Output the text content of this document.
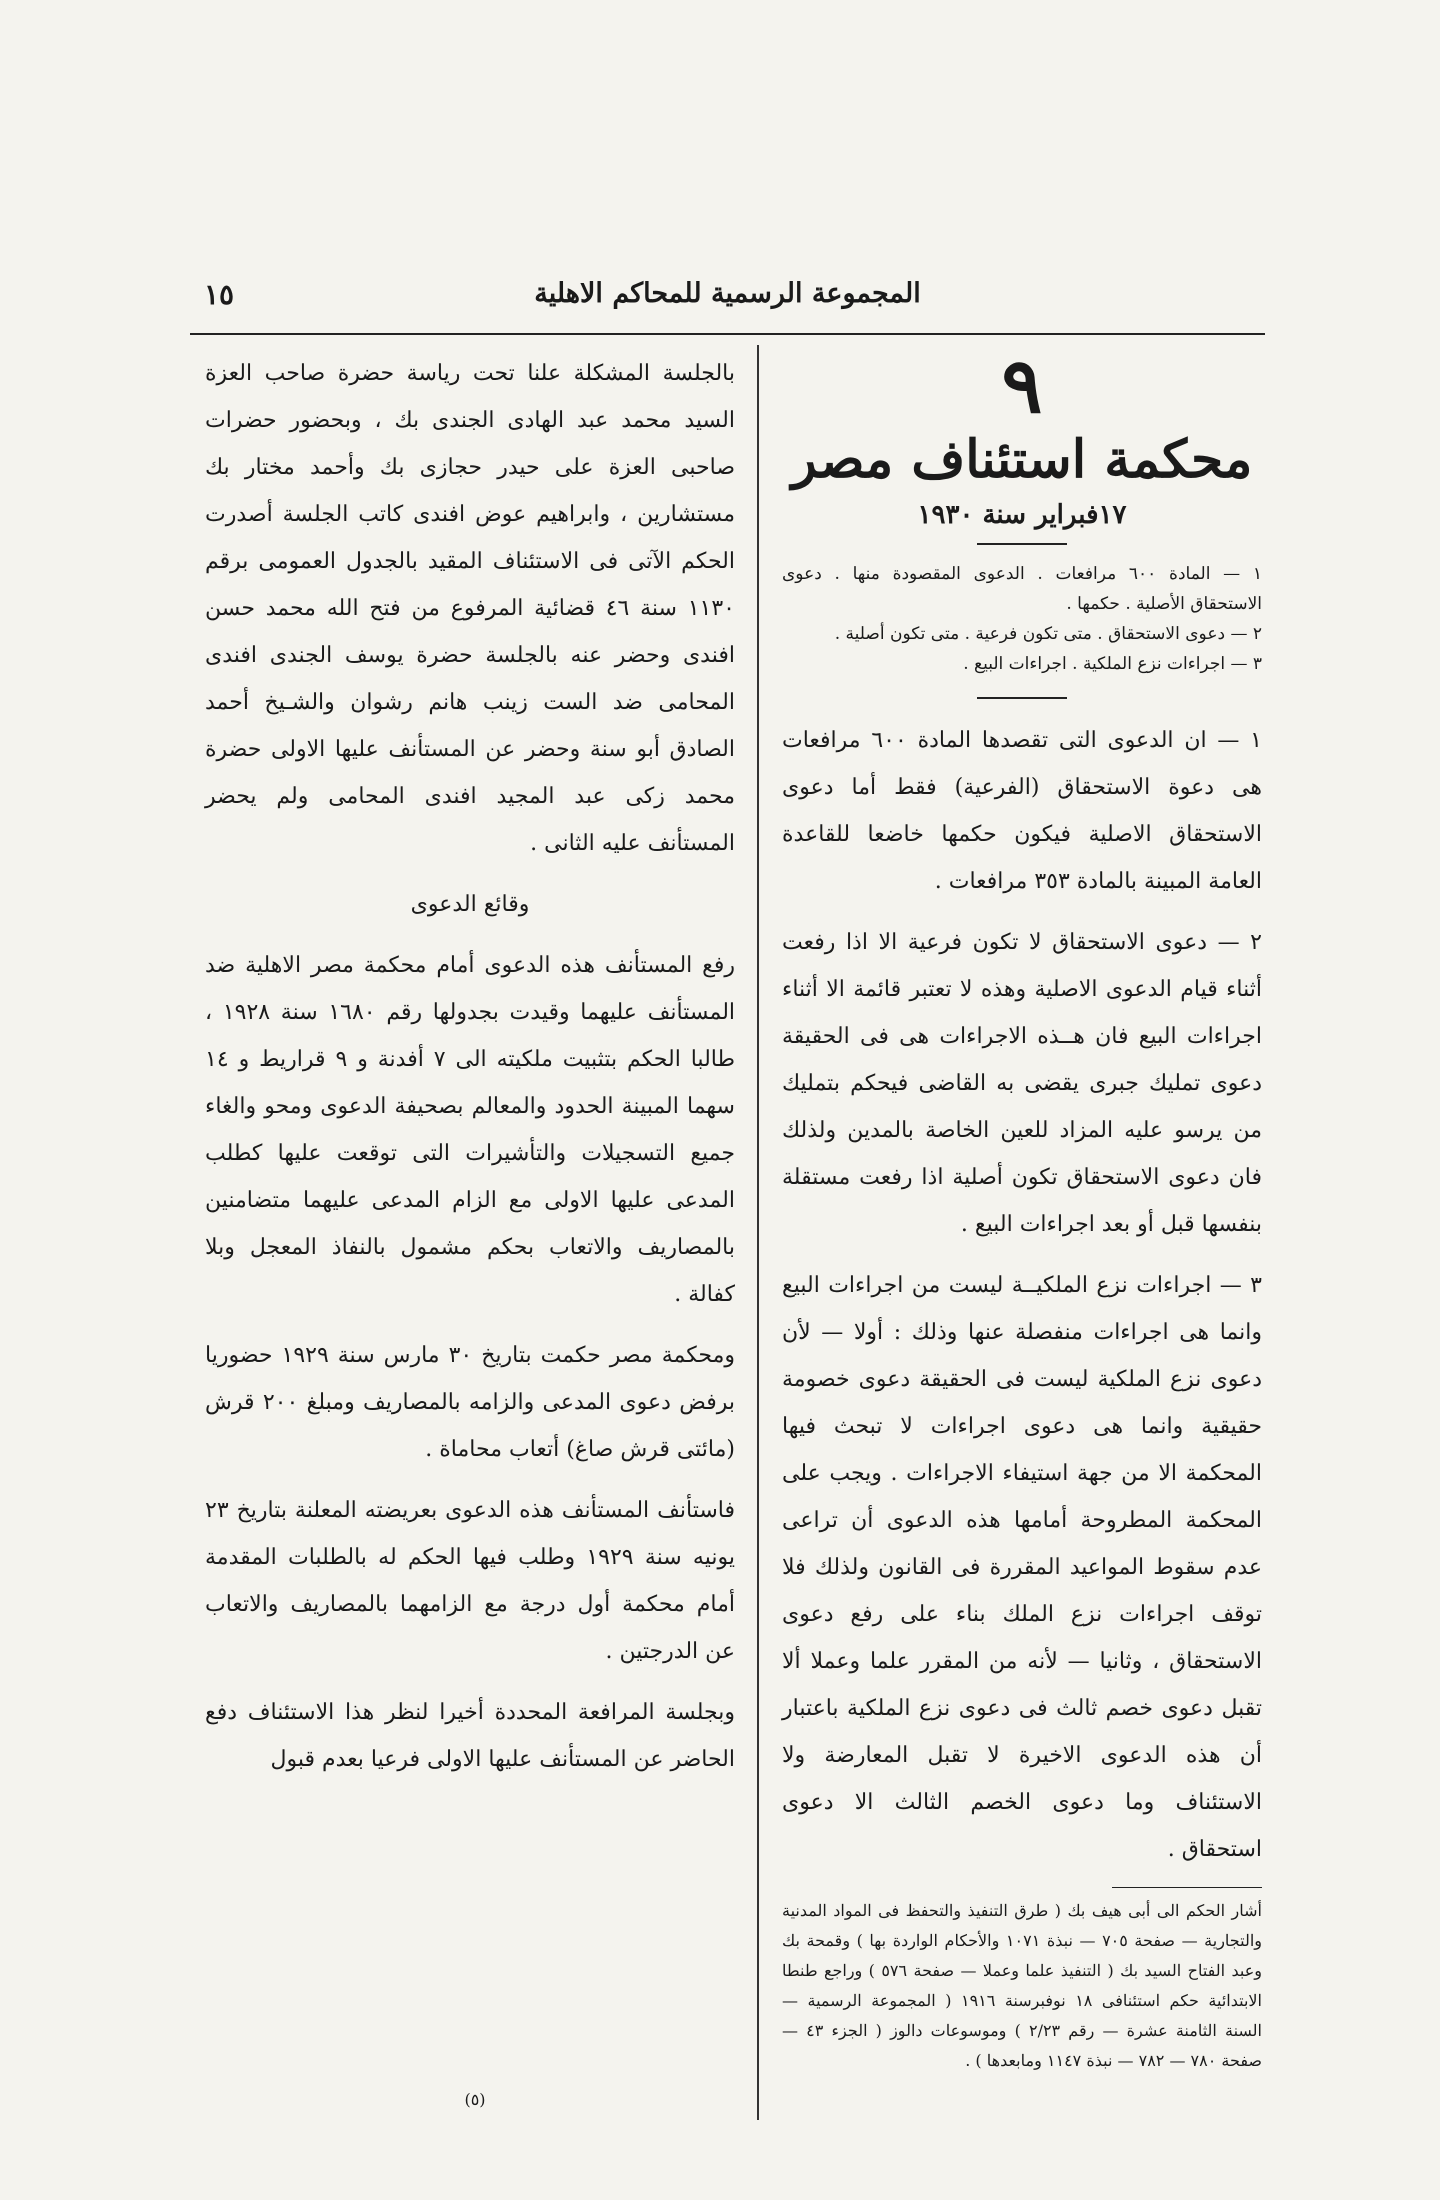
المجموعة الرسمية للمحاكم الاهلية
١٥
٩
محكمة استئناف مصر
١٧فبراير سنة ١٩٣٠
١ — المادة ٦٠٠ مرافعات . الدعوى المقصودة منها . دعوى الاستحقاق الأصلية . حكمها .
٢ — دعوى الاستحقاق . متى تكون فرعية . متى تكون أصلية .
٣ — اجراءات نزع الملكية . اجراءات البيع .

١ — ان الدعوى التى تقصدها المادة ٦٠٠ مرافعات هى دعوة الاستحقاق (الفرعية) فقط أما دعوى الاستحقاق الاصلية فيكون حكمها خاضعا للقاعدة العامة المبينة بالمادة ٣٥٣ مرافعات .

٢ — دعوى الاستحقاق لا تكون فرعية الا اذا رفعت أثناء قيام الدعوى الاصلية وهذه لا تعتبر قائمة الا أثناء اجراءات البيع فان هــذه الاجراءات هى فى الحقيقة دعوى تمليك جبرى يقضى به القاضى فيحكم بتمليك من يرسو عليه المزاد للعين الخاصة بالمدين ولذلك فان دعوى الاستحقاق تكون أصلية اذا رفعت مستقلة بنفسها قبل أو بعد اجراءات البيع .

٣ — اجراءات نزع الملكيــة ليست من اجراءات البيع وانما هى اجراءات منفصلة عنها وذلك : أولا — لأن دعوى نزع الملكية ليست فى الحقيقة دعوى خصومة حقيقية وانما هى دعوى اجراءات لا تبحث فيها المحكمة الا من جهة استيفاء الاجراءات . ويجب على المحكمة المطروحة أمامها هذه الدعوى أن تراعى عدم سقوط المواعيد المقررة فى القانون ولذلك فلا توقف اجراءات نزع الملك بناء على رفع دعوى الاستحقاق ، وثانيا — لأنه من المقرر علما وعملا ألا تقبل دعوى خصم ثالث فى دعوى نزع الملكية باعتبار أن هذه الدعوى الاخيرة لا تقبل المعارضة ولا الاستئناف وما دعوى الخصم الثالث الا دعوى استحقاق .

أشار الحكم الى أبى هيف بك ( طرق التنفيذ والتحفظ فى المواد المدنية والتجارية — صفحة ٧٠٥ — نبذة ١٠٧١ والأحكام الواردة بها ) وقمحة بك وعبد الفتاح السيد بك ( التنفيذ علما وعملا — صفحة ٥٧٦ ) وراجع طنطا الابتدائية حكم استئنافى ١٨ نوفبرسنة ١٩١٦ ( المجموعة الرسمية — السنة الثامنة عشرة — رقم ٢/٢٣ ) وموسوعات دالوز ( الجزء ٤٣ — صفحة ٧٨٠ — ٧٨٢ — نبذة ١١٤٧ ومابعدها ) .

بالجلسة المشكلة علنا تحت رياسة حضرة صاحب العزة السيد محمد عبد الهادى الجندى بك ، وبحضور حضرات صاحبى العزة على حيدر حجازى بك وأحمد مختار بك مستشارين ، وابراهيم عوض افندى كاتب الجلسة أصدرت الحكم الآتى فى الاستئناف المقيد بالجدول العمومى برقم ١١٣٠ سنة ٤٦ قضائية المرفوع من فتح الله محمد حسن افندى وحضر عنه بالجلسة حضرة يوسف الجندى افندى المحامى ضد الست زينب هانم رشوان والشـيخ أحمد الصادق أبو سنة وحضر عن المستأنف عليها الاولى حضرة محمد زكى عبد المجيد افندى المحامى ولم يحضر المستأنف عليه الثانى .

وقائع الدعوى

رفع المستأنف هذه الدعوى أمام محكمة مصر الاهلية ضد المستأنف عليهما وقيدت بجدولها رقم ١٦٨٠ سنة ١٩٢٨ ، طالبا الحكم بتثبيت ملكيته الى ٧ أفدنة و ٩ قراريط و ١٤ سهما المبينة الحدود والمعالم بصحيفة الدعوى ومحو والغاء جميع التسجيلات والتأشيرات التى توقعت عليها كطلب المدعى عليها الاولى مع الزام المدعى عليهما متضامنين بالمصاريف والاتعاب بحكم مشمول بالنفاذ المعجل وبلا كفالة .

ومحكمة مصر حكمت بتاريخ ٣٠ مارس سنة ١٩٢٩ حضوريا برفض دعوى المدعى والزامه بالمصاريف ومبلغ ٢٠٠ قرش (مائتى قرش صاغ) أتعاب محاماة .

فاستأنف المستأنف هذه الدعوى بعريضته المعلنة بتاريخ ٢٣ يونيه سنة ١٩٢٩ وطلب فيها الحكم له بالطلبات المقدمة أمام محكمة أول درجة مع الزامهما بالمصاريف والاتعاب عن الدرجتين .

وبجلسة المرافعة المحددة أخيرا لنظر هذا الاستئناف دفع الحاضر عن المستأنف عليها الاولى فرعيا بعدم قبول

(٥)
